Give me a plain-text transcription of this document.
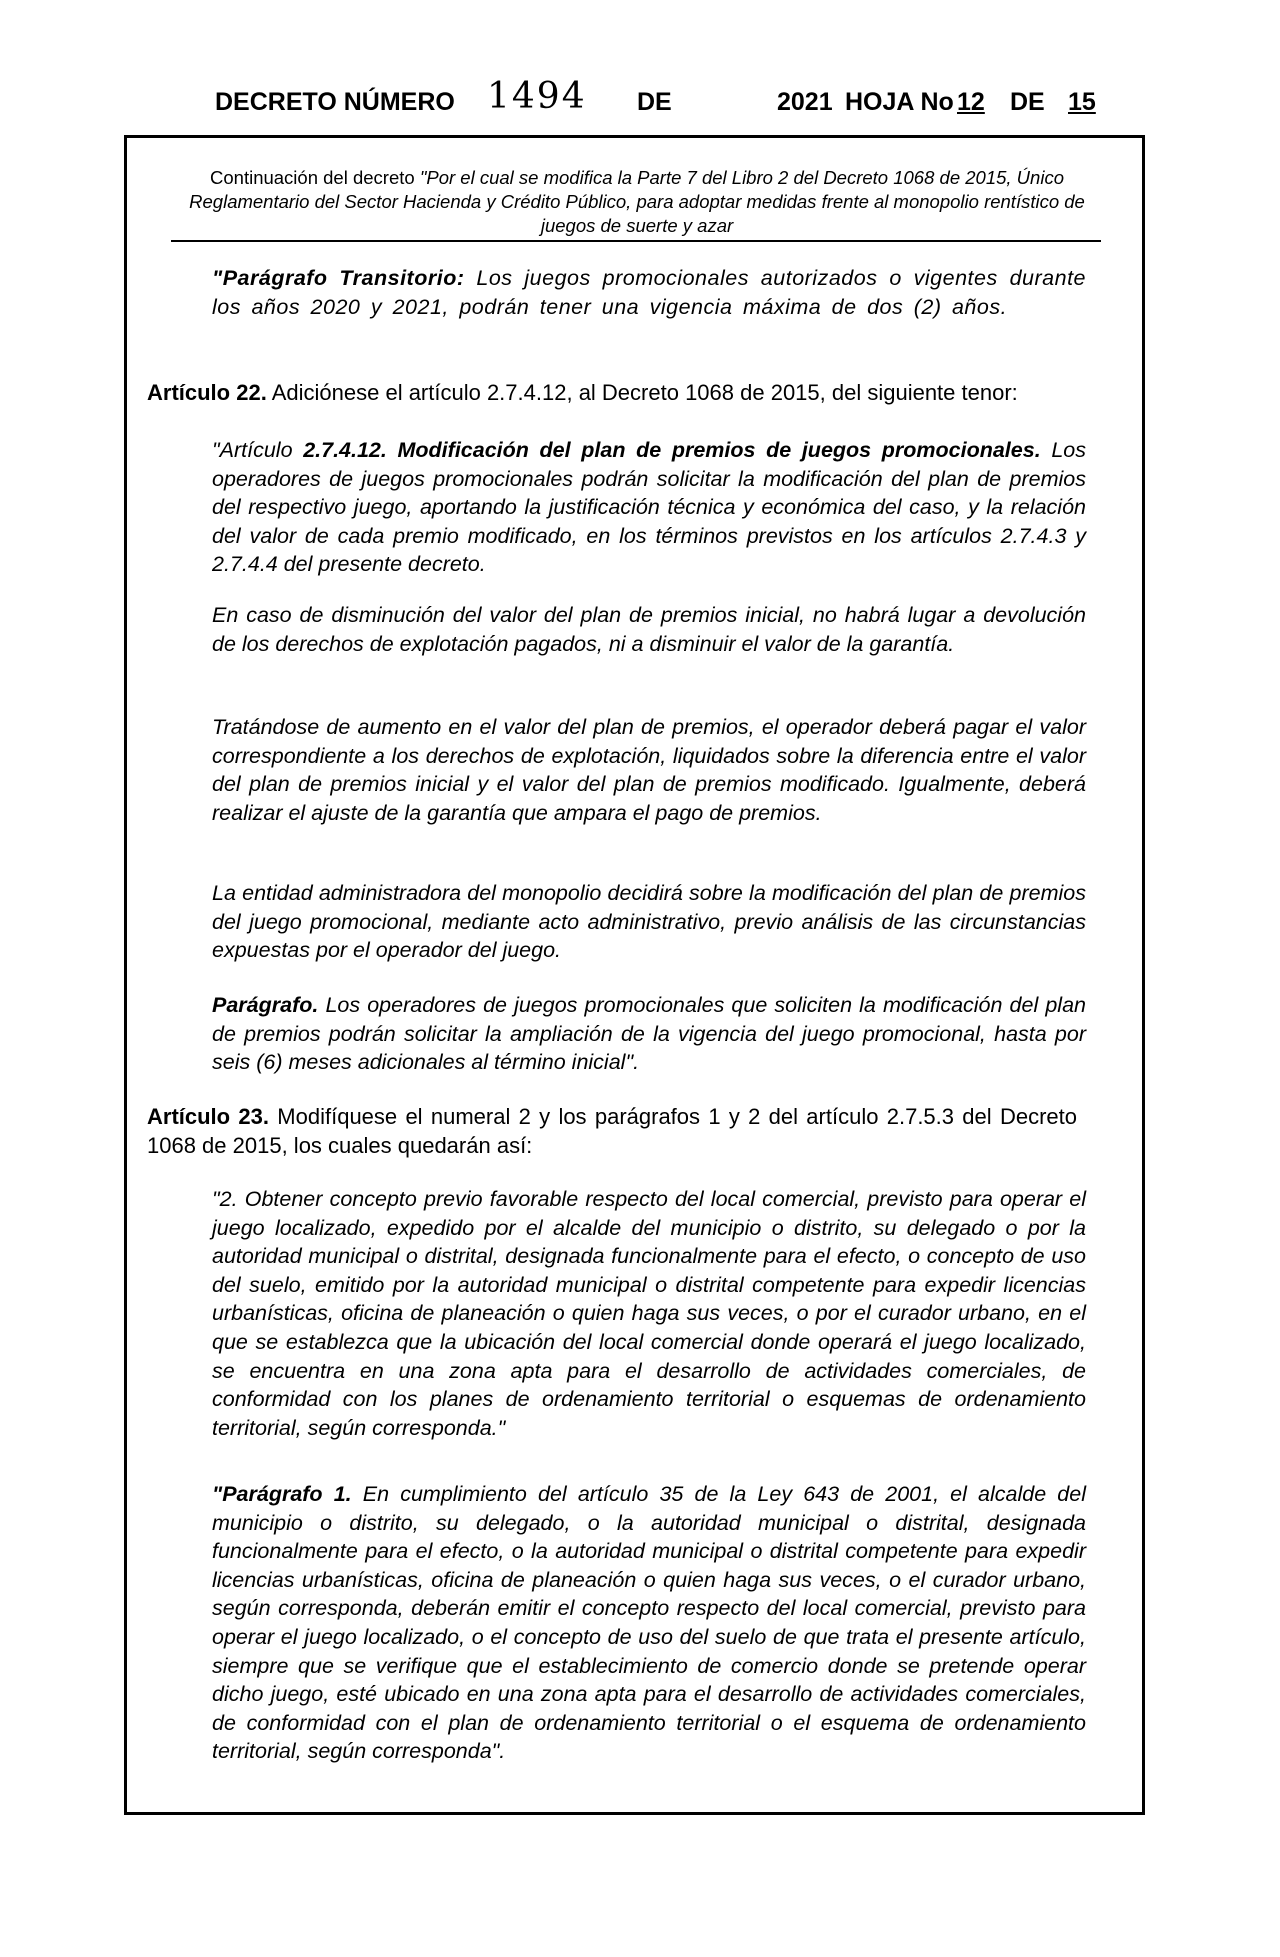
DECRETO NÚMERO 1494 DE	2021 HOJA No 12 DE 15
Continuación del decreto "Por el cual se modifica la Parte 7 del Libro 2 del Decreto 1068 de 2015, Único Reglamentario del Sector Hacienda y Crédito Público, para adoptar medidas frente al monopolio rentístico de juegos de suerte y azar
"Parágrafo Transitorio: Los juegos promocionales autorizados o vigentes durante los años 2020 y 2021, podrán tener una vigencia máxima de dos (2) años.
Artículo 22. Adiciónese el artículo 2.7.4.12, al Decreto 1068 de 2015, del siguiente tenor:
"Artículo 2.7.4.12. Modificación del plan de premios de juegos promocionales. Los operadores de juegos promocionales podrán solicitar la modificación del plan de premios del respectivo juego, aportando la justificación técnica y económica del caso, y la relación del valor de cada premio modificado, en los términos previstos en los artículos 2.7.4.3 y 2.7.4.4 del presente decreto.
En caso de disminución del valor del plan de premios inicial, no habrá lugar a devolución de los derechos de explotación pagados, ni a disminuir el valor de la garantía.
Tratándose de aumento en el valor del plan de premios, el operador deberá pagar el valor correspondiente a los derechos de explotación, liquidados sobre la diferencia entre el valor del plan de premios inicial y el valor del plan de premios modificado. Igualmente, deberá realizar el ajuste de la garantía que ampara el pago de premios.
La entidad administradora del monopolio decidirá sobre la modificación del plan de premios del juego promocional, mediante acto administrativo, previo análisis de las circunstancias expuestas por el operador del juego.
Parágrafo. Los operadores de juegos promocionales que soliciten la modificación del plan de premios podrán solicitar la ampliación de la vigencia del juego promocional, hasta por seis (6) meses adicionales al término inicial".
Artículo 23. Modifíquese el numeral 2 y los parágrafos 1 y 2 del artículo 2.7.5.3 del Decreto 1068 de 2015, los cuales quedarán así:
"2. Obtener concepto previo favorable respecto del local comercial, previsto para operar el juego localizado, expedido por el alcalde del municipio o distrito, su delegado o por la autoridad municipal o distrital, designada funcionalmente para el efecto, o concepto de uso del suelo, emitido por la autoridad municipal o distrital competente para expedir licencias urbanísticas, oficina de planeación o quien haga sus veces, o por el curador urbano, en el que se establezca que la ubicación del local comercial donde operará el juego localizado, se encuentra en una zona apta para el desarrollo de actividades comerciales, de conformidad con los planes de ordenamiento territorial o esquemas de ordenamiento territorial, según corresponda."
"Parágrafo 1. En cumplimiento del artículo 35 de la Ley 643 de 2001, el alcalde del municipio o distrito, su delegado, o la autoridad municipal o distrital, designada funcionalmente para el efecto, o la autoridad municipal o distrital competente para expedir licencias urbanísticas, oficina de planeación o quien haga sus veces, o el curador urbano, según corresponda, deberán emitir el concepto respecto del local comercial, previsto para operar el juego localizado, o el concepto de uso del suelo de que trata el presente artículo, siempre que se verifique que el establecimiento de comercio donde se pretende operar dicho juego, esté ubicado en una zona apta para el desarrollo de actividades comerciales, de conformidad con el plan de ordenamiento territorial o el esquema de ordenamiento territorial, según corresponda".
